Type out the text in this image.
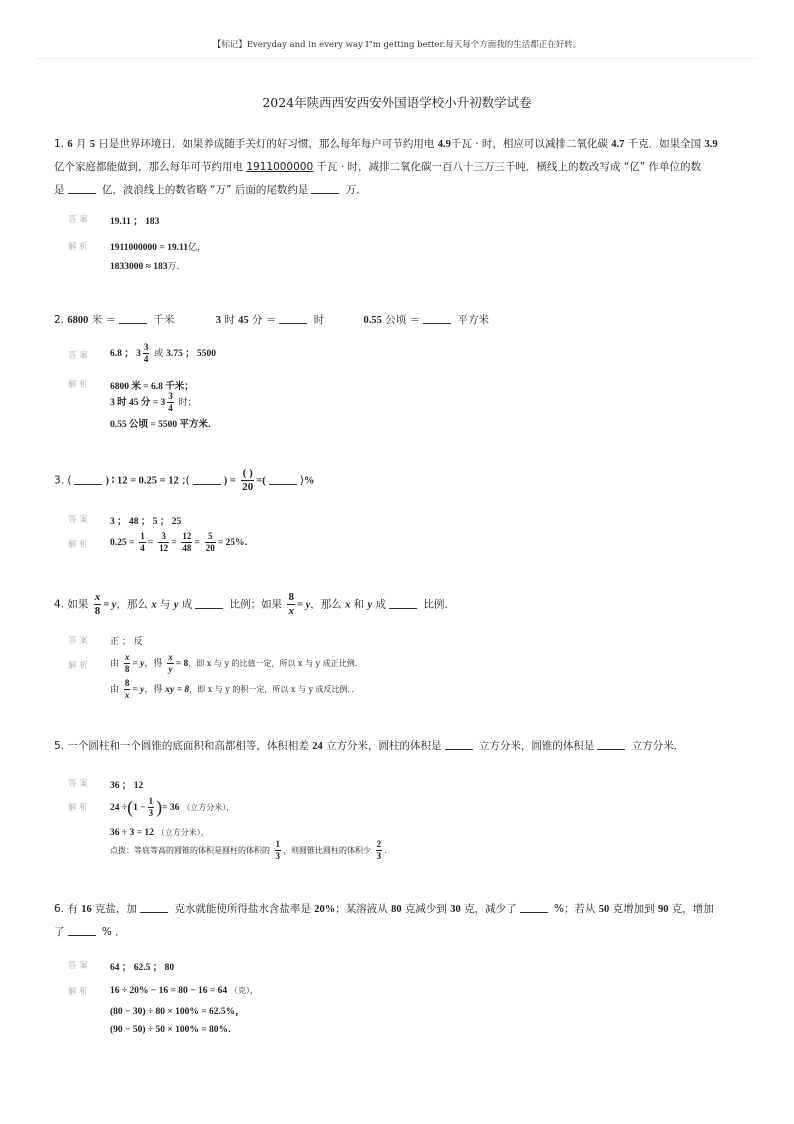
【标记】Everyday and in every way I"m getting better.每天每个方面我的生活都正在好转。
2024年陕西西安西安外国语学校小升初数学试卷
1. 6 月 5 日是世界环境日．如果养成随手关灯的好习惯，那么每年每户可节约用电 4.9千瓦 · 时，相应可以减排二氧化碳 4.7 千克．如果全国 3.9
亿个家庭都能做到，那么每年可节约用电 1911000000 千瓦 · 时，减排二氧化碳一百八十三万三千吨．横线上的数改写成 “亿” 作单位的数
是	亿，波浪线上的数省略 “万” 后面的尾数约是	万．
答 案 19.11 ； 183
解 析 1911000000 = 19.11亿，
1833000 ≈ 183万．
2. 6800 米 ＝	千米	3 时 45 分 ＝	时	0.55 公顷 ＝	平方米
答 案 6.8 ； $3 \frac{3}{4}$ 或 3.75 ； 5500
解 析 6800 米 = 6.8 千米；
3 时 45 分 = $3 \frac{3}{4}$ 时；
0.55 公顷 = 5500 平方米．
3. (	) ∶ 12 = 0.25 = 12 ;(	) = $\frac{( )}{20}$ =(	)%
答 案 3 ； 48 ； 5 ； 25
解 析 $0.25 = \frac{1}{4} = \frac{3}{12} = \frac{12}{48} = \frac{5}{20} = 25\%$．
4. 如果 $\frac{x}{8} = y$，那么 x 与 y 成	比例；如果 $\frac{8}{x} = y$，那么 x 和 y 成	比例．
答 案 正 ； 反
解 析 由 $\frac{x}{8} = y$，得 $\frac{x}{y} = 8$，即 x 与 y 的比值一定，所以 x 与 y 成正比例．
由 $\frac{8}{x} = y$，得 xy = 8，即 x 与 y 的积一定，所以 x 与 y 成反比例．．
5. 一个圆柱和一个圆锥的底面积和高都相等，体积相差 24 立方分米，圆柱的体积是	立方分米，圆锥的体积是	立方分米．
答 案 36 ； 12
解 析 $24 \div(1 - \frac{1}{3}$ )= 36 （立方分米），
36 ÷ 3 = 12 （立方分米），
点拨：等底等高的圆锥的体积是圆柱的体积的 $\frac{1}{3}$ ，则圆锥比圆柱的体积少 $\frac{2}{3}$ ．
6. 有 16 克盐，加	克水就能使所得盐水含盐率是 20%；某溶液从 80 克减少到 30 克，减少了	%；若从 50 克增加到 90 克，增加
了	% ．
答 案 64 ； 62.5 ； 80
解 析 16 ÷ 20% − 16 = 80 − 16 = 64 （克），
(80 − 30) ÷ 80 × 100% = 62.5%，
(90 − 50) ÷ 50 × 100% = 80%．
